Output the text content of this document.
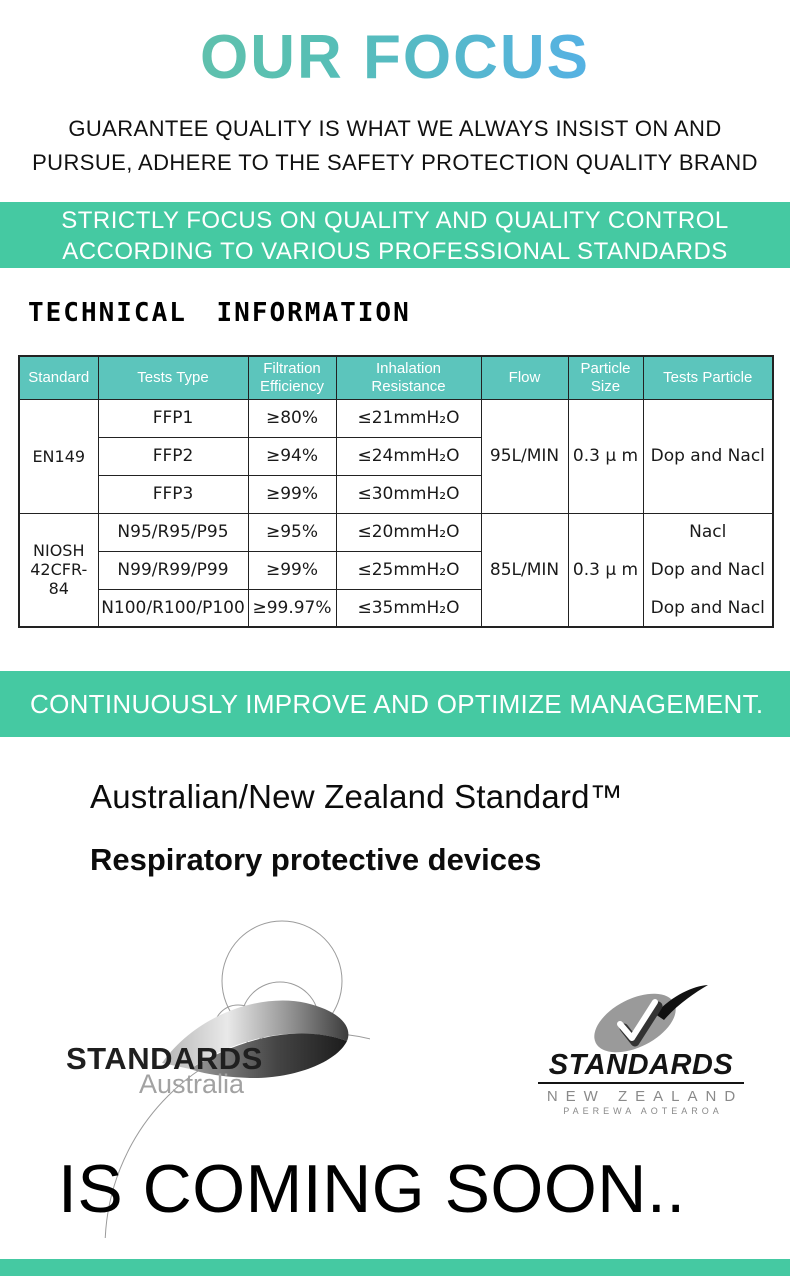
OUR FOCUS
GUARANTEE QUALITY IS WHAT WE ALWAYS INSIST ON AND
PURSUE, ADHERE TO THE SAFETY PROTECTION QUALITY BRAND
STRICTLY FOCUS ON QUALITY AND QUALITY CONTROL
ACCORDING TO VARIOUS PROFESSIONAL STANDARDS
TECHNICAL INFORMATION
Standard	Tests Type	Filtration Efficiency	Inhalation Resistance	Flow	Particle Size	Tests Particle
EN149	FFP1	≥80%	≤21mmH₂O	95L/MIN	0.3 μ m	Dop and Nacl
	FFP2	≥94%	≤24mmH₂O			
	FFP3	≥99%	≤30mmH₂O			
NIOSH 42CFR-84	N95/R95/P95	≥95%	≤20mmH₂O	85L/MIN	0.3 μ m	Nacl
	N99/R99/P99	≥99%	≤25mmH₂O			Dop and Nacl
	N100/R100/P100	≥99.97%	≤35mmH₂O			Dop and Nacl
CONTINUOUSLY IMPROVE AND OPTIMIZE MANAGEMENT.
Australian/New Zealand Standard™
Respiratory protective devices
STANDARDS
Australia
STANDARDS
NEW ZEALAND
PAEREWA AOTEAROA
IS COMING SOON..
